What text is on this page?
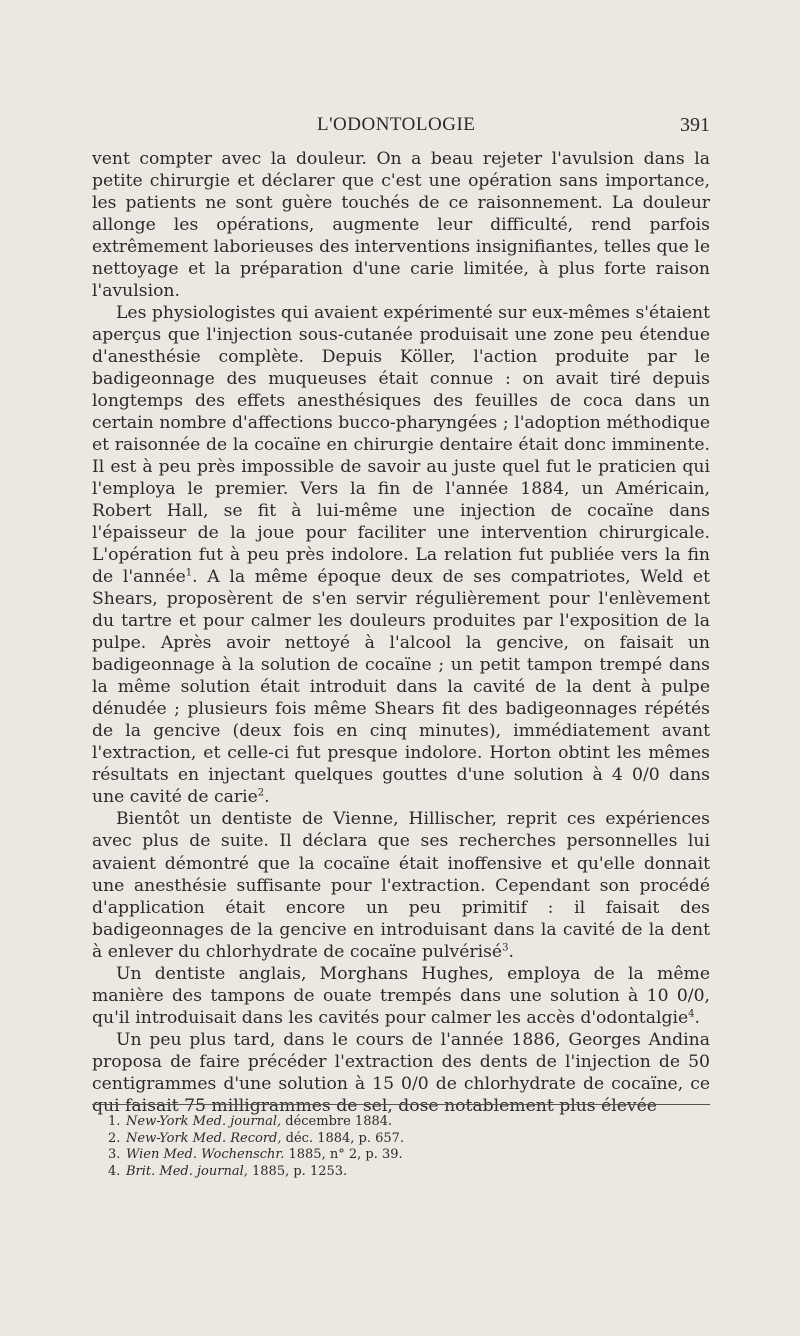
L'ODONTOLOGIE	391

vent compter avec la douleur. On a beau rejeter l'avulsion dans la petite chirurgie et déclarer que c'est une opération sans importance, les patients ne sont guère touchés de ce raisonnement. La douleur allonge les opérations, augmente leur difficulté, rend parfois extrêmement laborieuses des interventions insignifiantes, telles que le nettoyage et la préparation d'une carie limitée, à plus forte raison l'avulsion.

Les physiologistes qui avaient expérimenté sur eux-mêmes s'étaient aperçus que l'injection sous-cutanée produisait une zone peu étendue d'anesthésie complète. Depuis Köller, l'action produite par le badigeonnage des muqueuses était connue : on avait tiré depuis longtemps des effets anesthésiques des feuilles de coca dans un certain nombre d'affections bucco-pharyngées ; l'adoption méthodique et raisonnée de la cocaïne en chirurgie dentaire était donc imminente. Il est à peu près impossible de savoir au juste quel fut le praticien qui l'employa le premier. Vers la fin de l'année 1884, un Américain, Robert Hall, se fit à lui-même une injection de cocaïne dans l'épaisseur de la joue pour faciliter une intervention chirurgicale. L'opération fut à peu près indolore. La relation fut publiée vers la fin de l'année$^1$. A la même époque deux de ses compatriotes, Weld et Shears, proposèrent de s'en servir régulièrement pour l'enlèvement du tartre et pour calmer les douleurs produites par l'exposition de la pulpe. Après avoir nettoyé à l'alcool la gencive, on faisait un badigeonnage à la solution de cocaïne ; un petit tampon trempé dans la même solution était introduit dans la cavité de la dent à pulpe dénudée ; plusieurs fois même Shears fit des badigeonnages répétés de la gencive (deux fois en cinq minutes), immédiatement avant l'extraction, et celle-ci fut presque indolore. Horton obtint les mêmes résultats en injectant quelques gouttes d'une solution à 4 0/0 dans une cavité de carie$^2$.

Bientôt un dentiste de Vienne, Hillischer, reprit ces expériences avec plus de suite. Il déclara que ses recherches personnelles lui avaient démontré que la cocaïne était inoffensive et qu'elle donnait une anesthésie suffisante pour l'extraction. Cependant son procédé d'application était encore un peu primitif : il faisait des badigeonnages de la gencive en introduisant dans la cavité de la dent à enlever du chlorhydrate de cocaïne pulvérisé$^3$.

Un dentiste anglais, Morghans Hughes, employa de la même manière des tampons de ouate trempés dans une solution à 10 0/0, qu'il introduisait dans les cavités pour calmer les accès d'odontalgie$^4$.

Un peu plus tard, dans le cours de l'année 1886, Georges Andina proposa de faire précéder l'extraction des dents de l'injection de 50 centigrammes d'une solution à 15 0/0 de chlorhydrate de cocaïne, ce qui faisait 75 milligrammes de sel, dose notablement plus élevée

1. New-York Med. journal, décembre 1884.

2. New-York Med. Record, déc. 1884, p. 657.

3. Wien Med. Wochenschr. 1885, n° 2, p. 39.

4. Brit. Med. journal, 1885, p. 1253.
